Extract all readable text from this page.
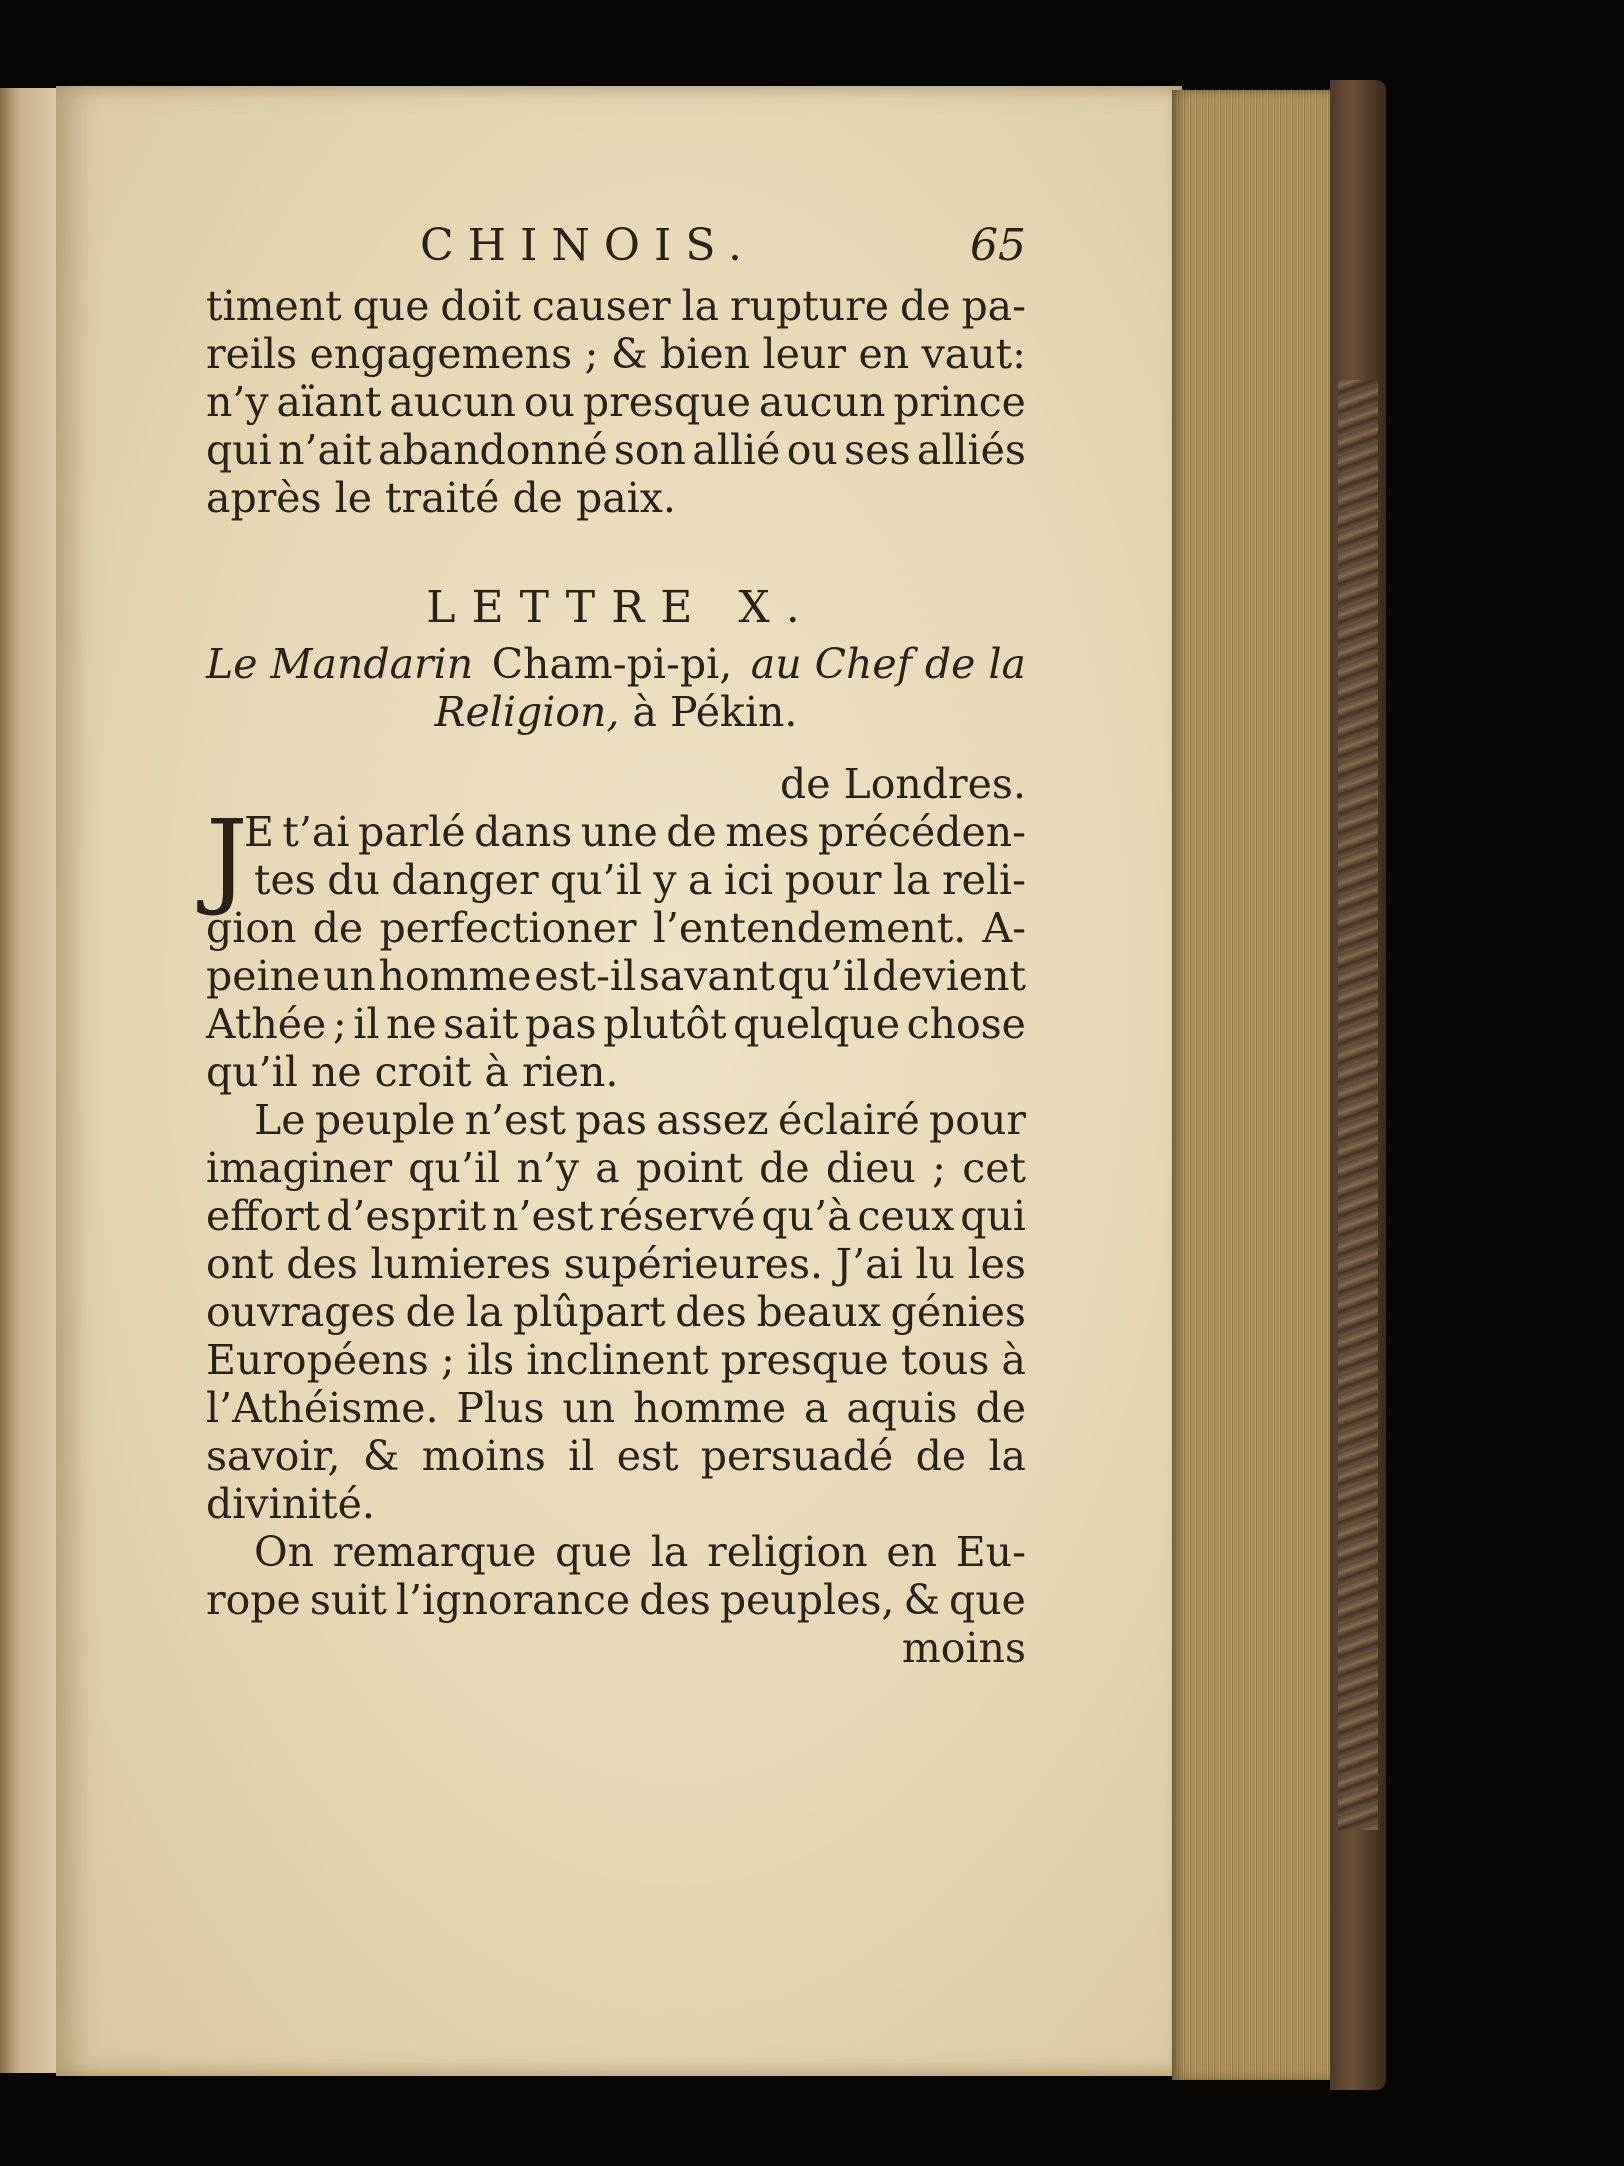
CHINOIS.	65
timent que doit causer la rupture de pa-
reils engagemens ; & bien leur en vaut:
n’y aïant aucun ou presque aucun prince
qui n’ait abandonné son allié ou ses alliés
après le traité de paix.
LETTRE X.
Le Mandarin Cham-pi-pi, au Chef de la
Religion, à Pékin.
de Londres.
J
E t’ai parlé dans une de mes précéden-
tes du danger qu’il y a ici pour la reli-
gion de perfectioner l’entendement. A-
peine un homme est-il savant qu’il devient
Athée ; il ne sait pas plutôt quelque chose
qu’il ne croit à rien.
Le peuple n’est pas assez éclairé pour
imaginer qu’il n’y a point de dieu ; cet
effort d’esprit n’est réservé qu’à ceux qui
ont des lumieres supérieures. J’ai lu les
ouvrages de la plûpart des beaux génies
Européens ; ils inclinent presque tous à
l’Athéisme. Plus un homme a aquis de
savoir, & moins il est persuadé de la
divinité.
On remarque que la religion en Eu-
rope suit l’ignorance des peuples, & que
moins
